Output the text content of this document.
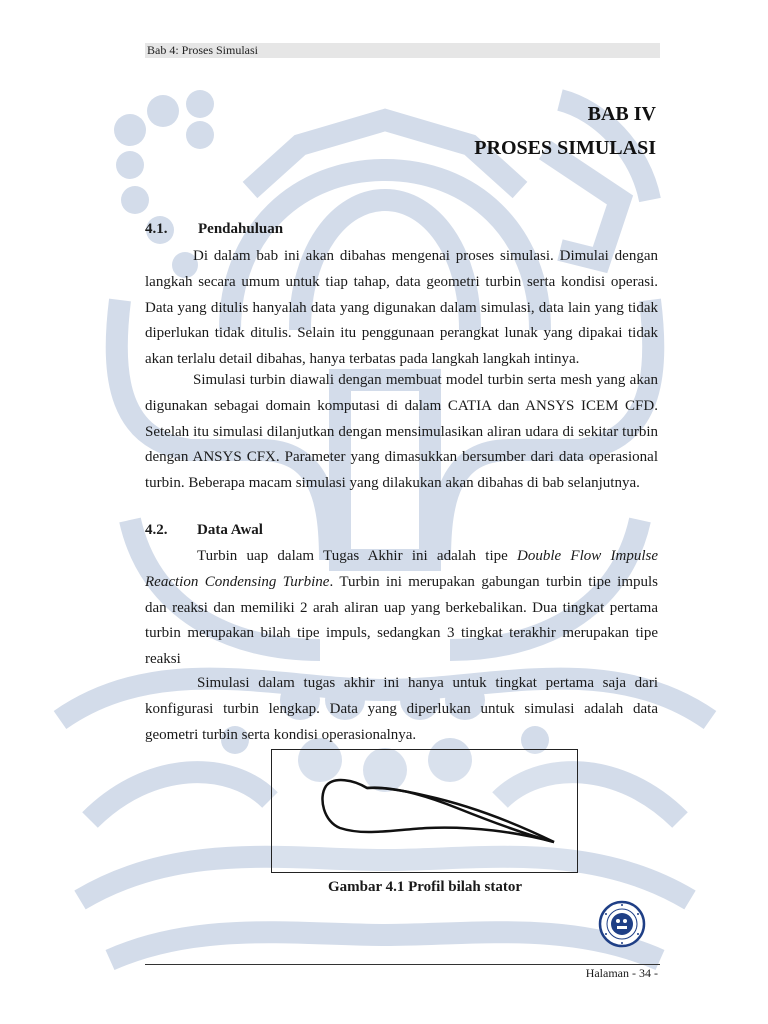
Bab 4: Proses Simulasi
BAB IV
PROSES SIMULASI
4.1. Pendahuluan
Di dalam bab ini akan dibahas mengenai proses simulasi. Dimulai dengan langkah secara umum untuk tiap tahap, data geometri turbin serta kondisi operasi. Data yang ditulis hanyalah data yang digunakan dalam simulasi, data lain yang tidak diperlukan tidak ditulis. Selain itu penggunaan perangkat lunak yang dipakai tidak akan terlalu detail dibahas, hanya terbatas pada langkah langkah intinya.
Simulasi turbin diawali dengan membuat model turbin serta mesh yang akan digunakan sebagai domain komputasi di dalam CATIA dan ANSYS ICEM CFD. Setelah itu simulasi dilanjutkan dengan mensimulasikan aliran udara di sekitar turbin dengan ANSYS CFX. Parameter yang dimasukkan bersumber dari data operasional turbin. Beberapa macam simulasi yang dilakukan akan dibahas di bab selanjutnya.
4.2. Data Awal
Turbin uap dalam Tugas Akhir ini adalah tipe Double Flow Impulse Reaction Condensing Turbine. Turbin ini merupakan gabungan turbin tipe impuls dan reaksi dan memiliki 2 arah aliran uap yang berkebalikan. Dua tingkat pertama turbin merupakan bilah tipe impuls, sedangkan 3 tingkat terakhir merupakan tipe reaksi
Simulasi dalam tugas akhir ini hanya untuk tingkat pertama saja dari konfigurasi turbin lengkap. Data yang diperlukan untuk simulasi adalah data geometri turbin serta kondisi operasionalnya.
Gambar 4.1 Profil bilah stator
Halaman - 34 -
